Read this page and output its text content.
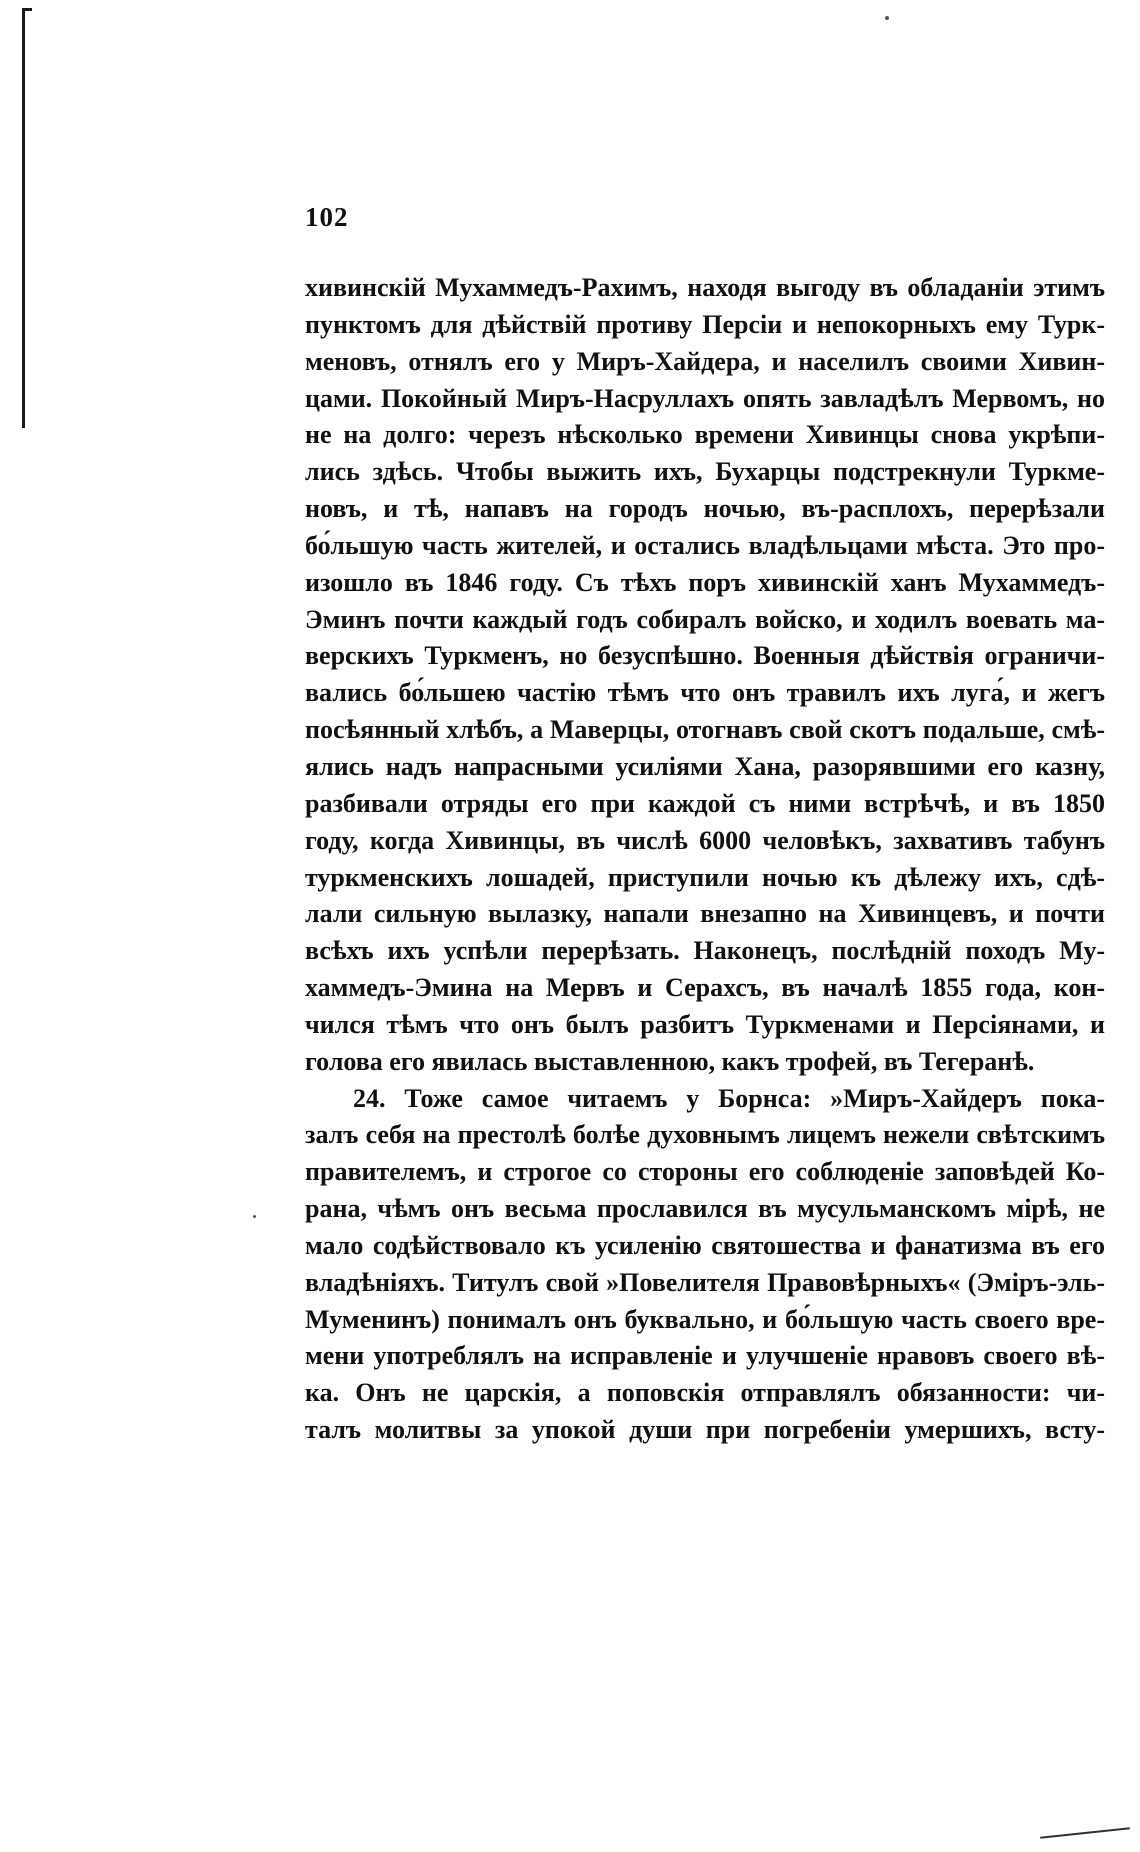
102
хивинскій Мухаммедъ-Рахимъ, находя выгоду въ обладаніи этимъ
пунктомъ для дѣйствій противу Персіи и непокорныхъ ему Турк-
меновъ, отнялъ его у Миръ-Хайдера, и населилъ своими Хивин-
цами. Покойный Миръ-Насруллахъ опять завладѣлъ Мервомъ, но
не на долго: черезъ нѣсколько времени Хивинцы снова укрѣпи-
лись здѣсь. Чтобы выжить ихъ, Бухарцы подстрекнули Туркме-
новъ, и тѣ, напавъ на городъ ночью, въ-расплохъ, перерѣзали
бо́льшую часть жителей, и остались владѣльцами мѣста. Это про-
изошло въ 1846 году. Съ тѣхъ поръ хивинскій ханъ Мухаммедъ-
Эминъ почти каждый годъ собиралъ войско, и ходилъ воевать ма-
верскихъ Туркменъ, но безуспѣшно. Военныя дѣйствія ограничи-
вались бо́льшею частію тѣмъ что онъ травилъ ихъ луга́, и жегъ
посѣянный хлѣбъ, а Маверцы, отогнавъ свой скотъ подальше, смѣ-
ялись надъ напрасными усиліями Хана, разорявшими его казну,
разбивали отряды его при каждой съ ними встрѣчѣ, и въ 1850
году, когда Хивинцы, въ числѣ 6000 человѣкъ, захвативъ табунъ
туркменскихъ лошадей, приступили ночью къ дѣлежу ихъ, сдѣ-
лали сильную вылазку, напали внезапно на Хивинцевъ, и почти
всѣхъ ихъ успѣли перерѣзать. Наконецъ, послѣдній походъ Му-
хаммедъ-Эмина на Мервъ и Серахсъ, въ началѣ 1855 года, кон-
чился тѣмъ что онъ былъ разбитъ Туркменами и Персіянами, и
голова его явилась выставленною, какъ трофей, въ Тегеранѣ.
24. Тоже самое читаемъ у Борнса: »Миръ-Хайдеръ пока-
залъ себя на престолѣ болѣе духовнымъ лицемъ нежели свѣтскимъ
правителемъ, и строгое со стороны его соблюденіе заповѣдей Ко-
рана, чѣмъ онъ весьма прославился въ мусульманскомъ мірѣ, не
мало содѣйствовало къ усиленію святошества и фанатизма въ его
владѣніяхъ. Титулъ свой »Повелителя Правовѣрныхъ« (Эміръ-эль-
Муменинъ) понималъ онъ буквально, и бо́льшую часть своего вре-
мени употреблялъ на исправленіе и улучшеніе нравовъ своего вѣ-
ка. Онъ не царскія, а поповскія отправлялъ обязанности: чи-
талъ молитвы за упокой души при погребеніи умершихъ, всту-
